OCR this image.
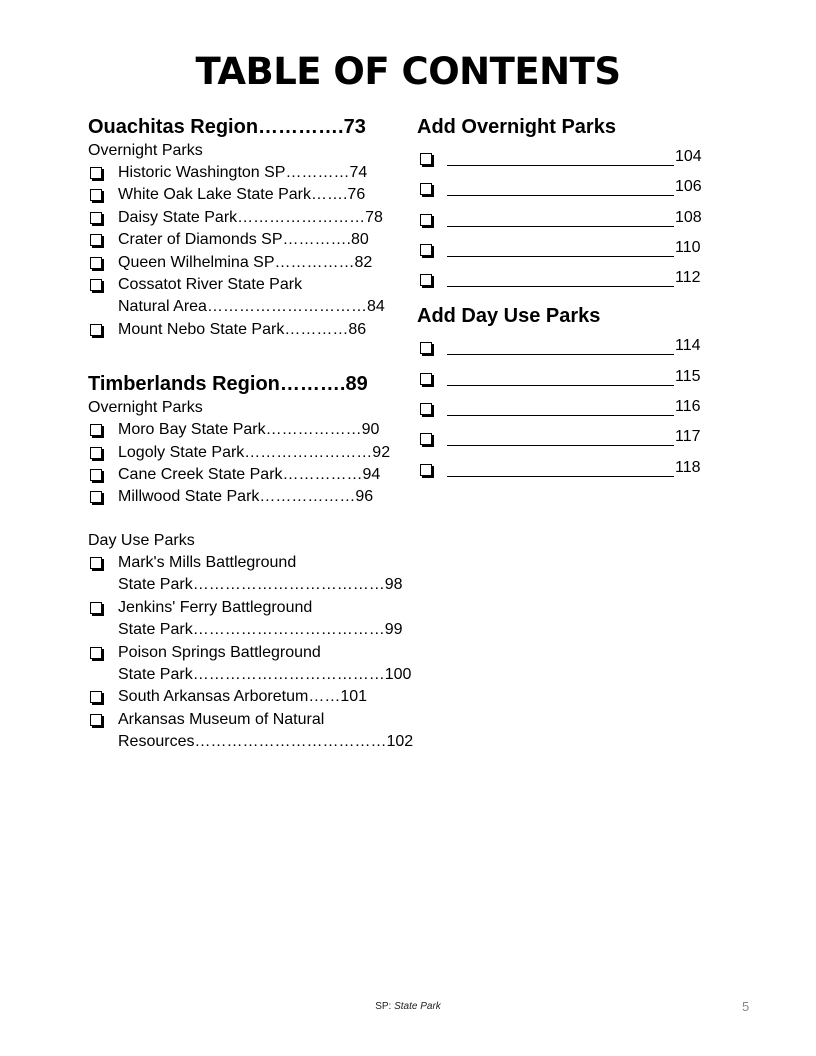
TABLE OF CONTENTS
Ouachitas Region………….73
Overnight Parks
Historic Washington SP…………74
White Oak Lake State Park…….76
Daisy State Park……………………78
Crater of Diamonds SP………….80
Queen Wilhelmina SP……………82
Cossatot River State Park
Natural Area…………………………84
Mount Nebo State Park…………86
Timberlands Region……….89
Overnight Parks
Moro Bay State Park………………90
Logoly State Park……………………92
Cane Creek State Park……………94
Millwood State Park………………96
Day Use Parks
Mark's Mills Battleground
State Park………………………………98
Jenkins' Ferry Battleground
State Park………………………………99
Poison Springs Battleground
State Park………………………………100
South Arkansas Arboretum……101
Arkansas Museum of Natural
Resources………………………………102
Add Overnight Parks
104
106
108
110
112
Add Day Use Parks
114
115
116
117
118
SP: State Park	5
